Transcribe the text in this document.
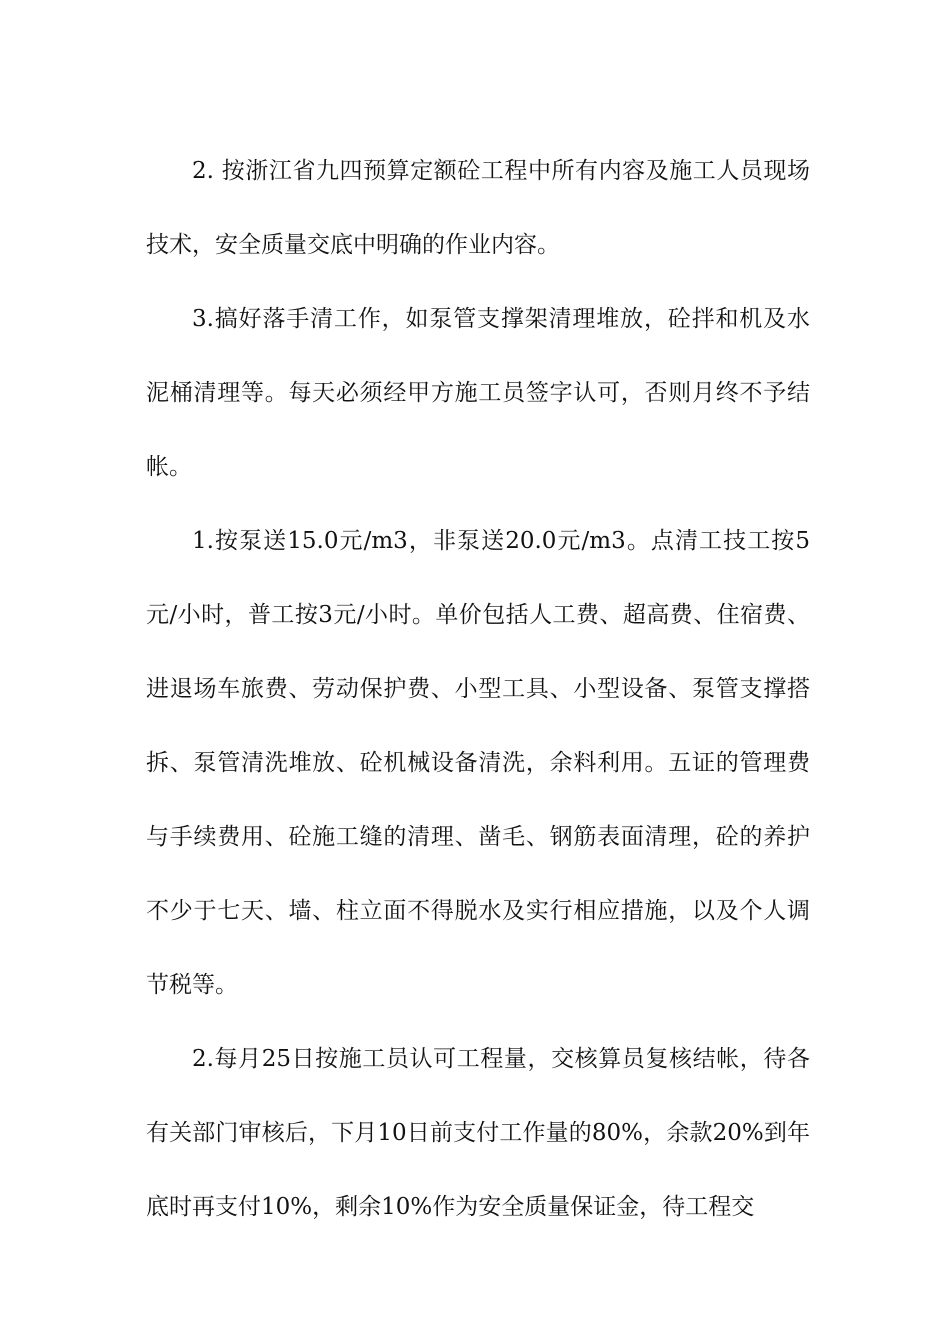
2. 按浙江省九四预算定额砼工程中所有内容及施工人员现场技术，安全质量交底中明确的作业内容。

3.搞好落手清工作，如泵管支撑架清理堆放，砼拌和机及水泥桶清理等。每天必须经甲方施工员签字认可，否则月终不予结帐。

1.按泵送15.0元/m3，非泵送20.0元/m3。点清工技工按5元/小时，普工按3元/小时。单价包括人工费、超高费、住宿费、进退场车旅费、劳动保护费、小型工具、小型设备、泵管支撑搭拆、泵管清洗堆放、砼机械设备清洗，余料利用。五证的管理费与手续费用、砼施工缝的清理、凿毛、钢筋表面清理，砼的养护不少于七天、墙、柱立面不得脱水及实行相应措施，以及个人调节税等。

2.每月25日按施工员认可工程量，交核算员复核结帐，待各有关部门审核后，下月10日前支付工作量的80%，余款20%到年底时再支付10%，剩余10%作为安全质量保证金，待工程交
